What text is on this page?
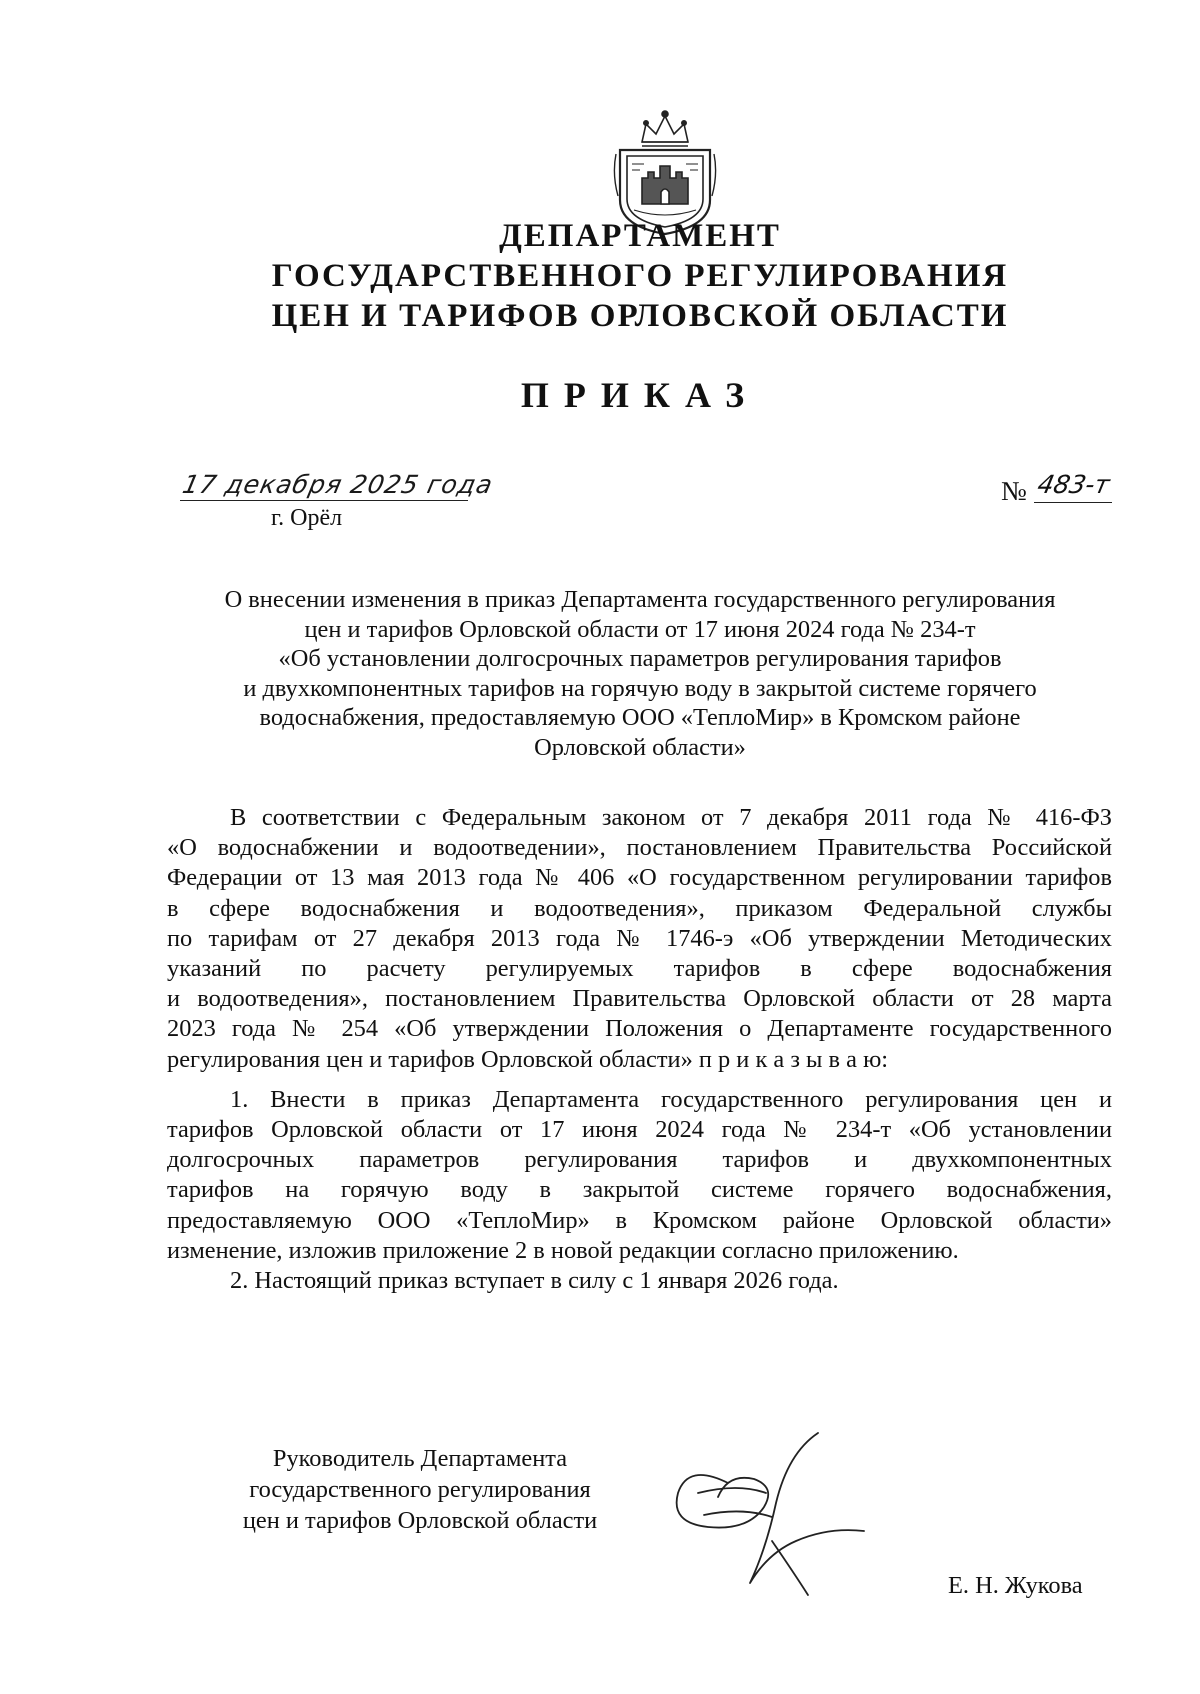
ДЕПАРТАМЕНТ
ГОСУДАРСТВЕННОГО РЕГУЛИРОВАНИЯ
ЦЕН И ТАРИФОВ ОРЛОВСКОЙ ОБЛАСТИ
ПРИКАЗ
17 декабря 2025 года
г. Орёл
№ 483-т
О внесении изменения в приказ Департамента государственного регулирования
цен и тарифов Орловской области от 17 июня 2024 года № 234-т
«Об установлении долгосрочных параметров регулирования тарифов
и двухкомпонентных тарифов на горячую воду в закрытой системе горячего
водоснабжения, предоставляемую ООО «ТеплоМир» в Кромском районе
Орловской области»
В соответствии с Федеральным законом от 7 декабря 2011 года № 416-ФЗ
«О водоснабжении и водоотведении», постановлением Правительства Российской
Федерации от 13 мая 2013 года № 406 «О государственном регулировании тарифов
в сфере водоснабжения и водоотведения», приказом Федеральной службы
по тарифам от 27 декабря 2013 года № 1746-э «Об утверждении Методических
указаний по расчету регулируемых тарифов в сфере водоснабжения
и водоотведения», постановлением Правительства Орловской области от 28 марта
2023 года № 254 «Об утверждении Положения о Департаменте государственного
регулирования цен и тарифов Орловской области» п р и к а з ы в а ю:
1. Внести в приказ Департамента государственного регулирования цен и
тарифов Орловской области от 17 июня 2024 года № 234-т «Об установлении
долгосрочных параметров регулирования тарифов и двухкомпонентных
тарифов на горячую воду в закрытой системе горячего водоснабжения,
предоставляемую ООО «ТеплоМир» в Кромском районе Орловской области»
изменение, изложив приложение 2 в новой редакции согласно приложению.
2. Настоящий приказ вступает в силу с 1 января 2026 года.
Руководитель Департамента
государственного регулирования
цен и тарифов Орловской области
Е. Н. Жукова
